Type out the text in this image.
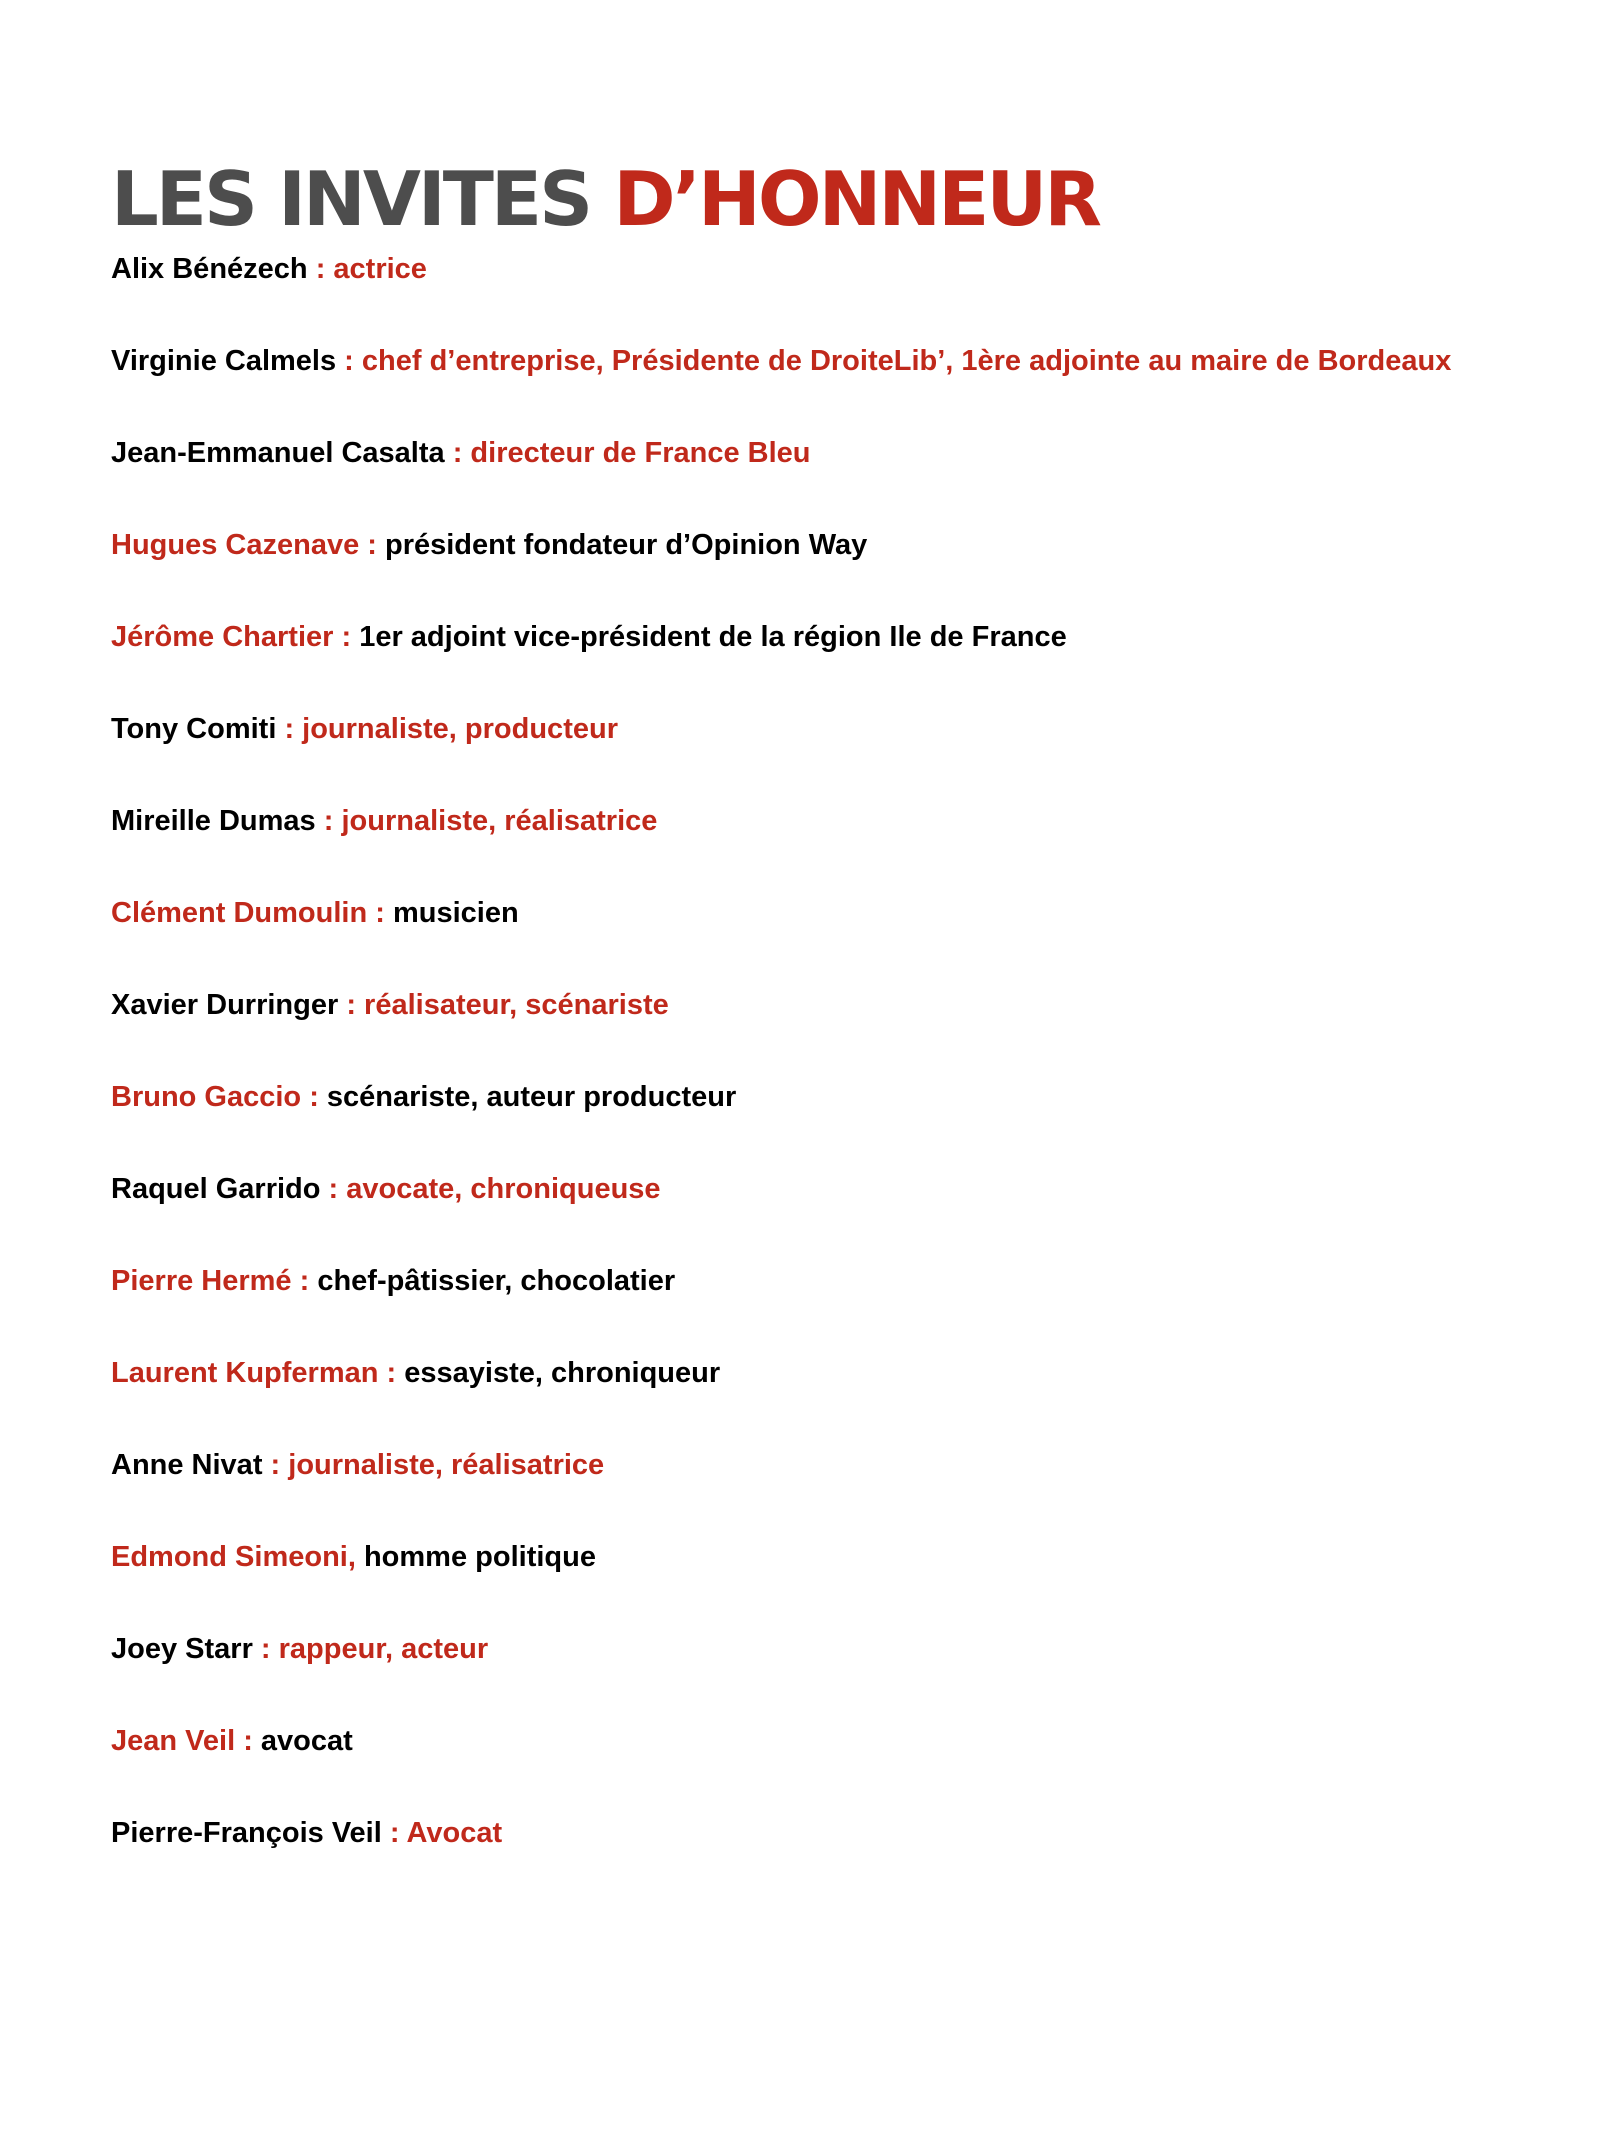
LES INVITES D’HONNEUR
Alix Bénézech : actrice
Virginie Calmels : chef d’entreprise, Présidente de DroiteLib’, 1ère adjointe au maire de Bordeaux
Jean-Emmanuel Casalta : directeur de France Bleu
Hugues Cazenave : président fondateur d’Opinion Way
Jérôme Chartier : 1er adjoint vice-président de la région Ile de France
Tony Comiti : journaliste, producteur
Mireille Dumas : journaliste, réalisatrice
Clément Dumoulin : musicien
Xavier Durringer : réalisateur, scénariste
Bruno Gaccio : scénariste, auteur producteur
Raquel Garrido : avocate, chroniqueuse
Pierre Hermé : chef-pâtissier, chocolatier
Laurent Kupferman : essayiste, chroniqueur
Anne Nivat : journaliste, réalisatrice
Edmond Simeoni, homme politique
Joey Starr : rappeur, acteur
Jean Veil : avocat
Pierre-François Veil : Avocat
